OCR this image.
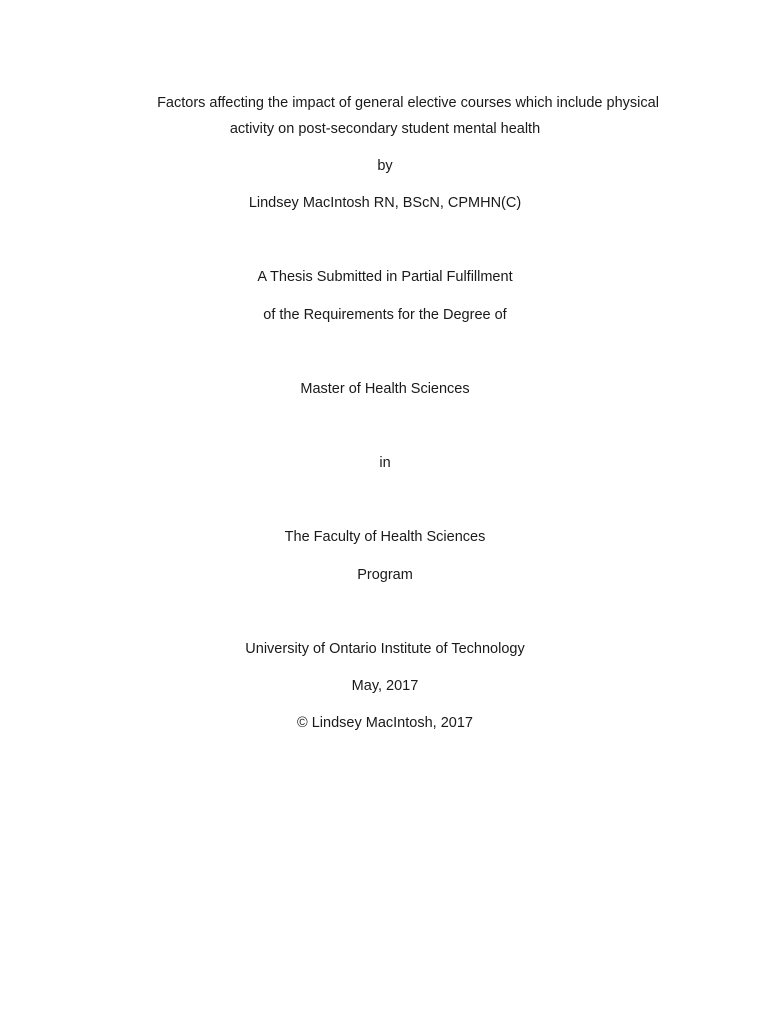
Factors affecting the impact of general elective courses which include physical
activity on post-secondary student mental health
by
Lindsey MacIntosh RN, BScN, CPMHN(C)
A Thesis Submitted in Partial Fulfillment
of the Requirements for the Degree of
Master of Health Sciences
in
The Faculty of Health Sciences
Program
University of Ontario Institute of Technology
May, 2017
© Lindsey MacIntosh, 2017
